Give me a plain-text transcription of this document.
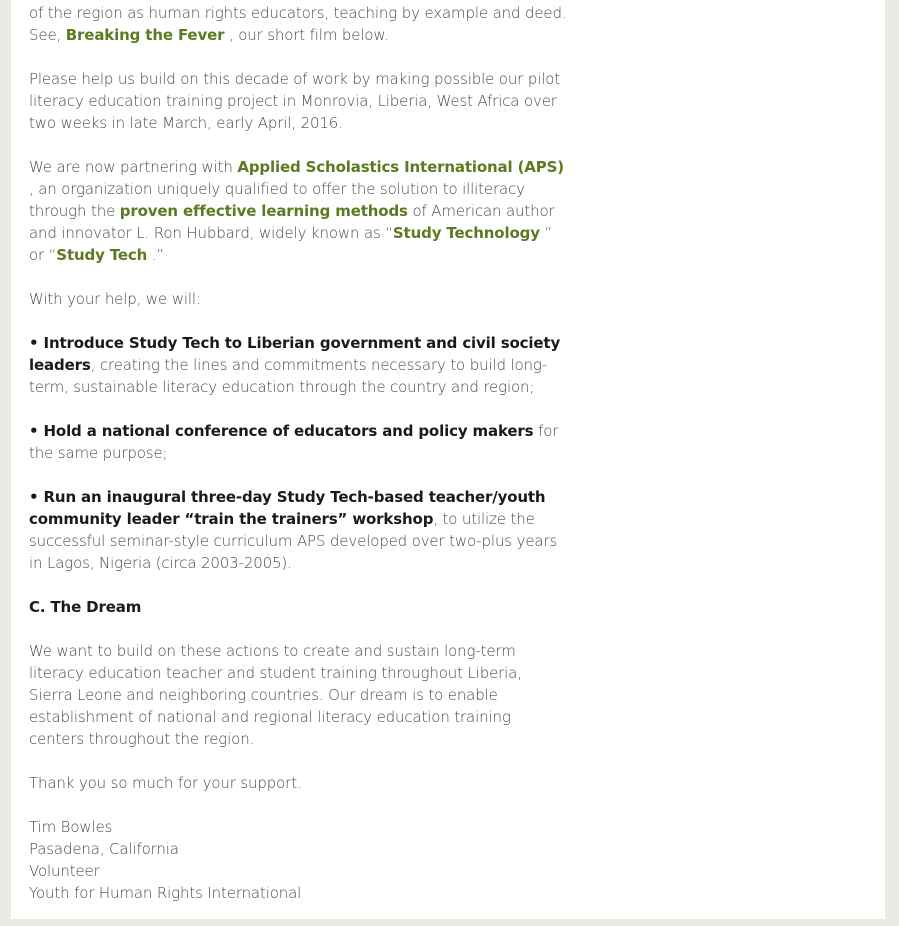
of the region as human rights educators, teaching by example and deed. See, Breaking the Fever , our short film below.

Please help us build on this decade of work by making possible our pilot literacy education training project in Monrovia, Liberia, West Africa over two weeks in late March, early April, 2016.

We are now partnering with Applied Scholastics International (APS) , an organization uniquely qualified to offer the solution to illiteracy through the proven effective learning methods of American author and innovator L. Ron Hubbard, widely known as “Study Technology ” or “Study Tech .”

With your help, we will:

• Introduce Study Tech to Liberian government and civil society leaders, creating the lines and commitments necessary to build long-term, sustainable literacy education through the country and region;

• Hold a national conference of educators and policy makers for the same purpose;

• Run an inaugural three-day Study Tech-based teacher/youth community leader “train the trainers” workshop, to utilize the successful seminar-style curriculum APS developed over two-plus years in Lagos, Nigeria (circa 2003-2005).

C. The Dream

We want to build on these actions to create and sustain long-term literacy education teacher and student training throughout Liberia, Sierra Leone and neighboring countries. Our dream is to enable establishment of national and regional literacy education training centers throughout the region.

Thank you so much for your support.

Tim Bowles
Pasadena, California
Volunteer
Youth for Human Rights International
